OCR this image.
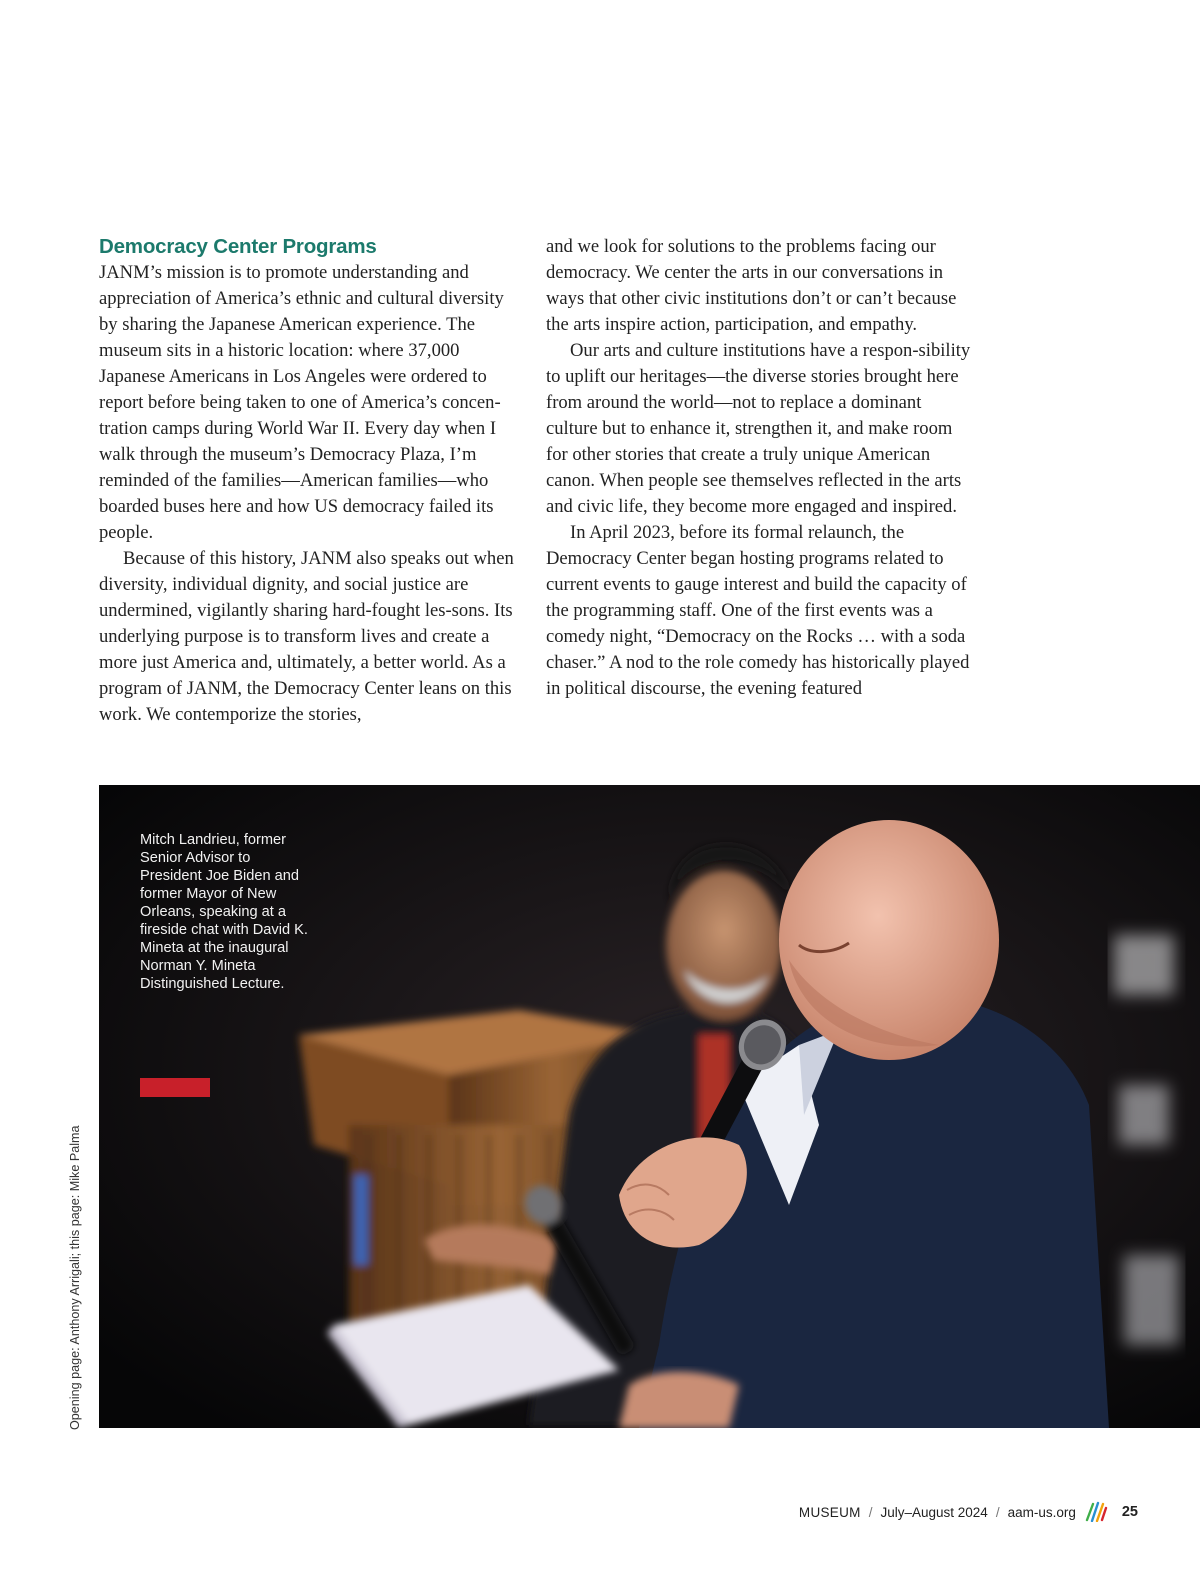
Democracy Center Programs

JANM’s mission is to promote understanding and appreciation of America’s ethnic and cultural diversity by sharing the Japanese American experience. The museum sits in a historic location: where 37,000 Japanese Americans in Los Angeles were ordered to report before being taken to one of America’s concen-tration camps during World War II. Every day when I walk through the museum’s Democracy Plaza, I’m reminded of the families—American families—who boarded buses here and how US democracy failed its people.

Because of this history, JANM also speaks out when diversity, individual dignity, and social justice are undermined, vigilantly sharing hard-fought les-sons. Its underlying purpose is to transform lives and create a more just America and, ultimately, a better world. As a program of JANM, the Democracy Center leans on this work. We contemporize the stories,

and we look for solutions to the problems facing our democracy. We center the arts in our conversations in ways that other civic institutions don’t or can’t because the arts inspire action, participation, and empathy.

Our arts and culture institutions have a respon-sibility to uplift our heritages—the diverse stories brought here from around the world—not to replace a dominant culture but to enhance it, strengthen it, and make room for other stories that create a truly unique American canon. When people see themselves reflected in the arts and civic life, they become more engaged and inspired.

In April 2023, before its formal relaunch, the Democracy Center began hosting programs related to current events to gauge interest and build the capacity of the programming staff. One of the first events was a comedy night, “Democracy on the Rocks … with a soda chaser.” A nod to the role comedy has historically played in political discourse, the evening featured

Mitch Landrieu, former Senior Advisor to President Joe Biden and former Mayor of New Orleans, speaking at a fireside chat with David K. Mineta at the inaugural Norman Y. Mineta Distinguished Lecture.
Opening page: Anthony Arrigali; this page: Mike Palma
MUSEUM / July–August 2024 / aam-us.org	25
